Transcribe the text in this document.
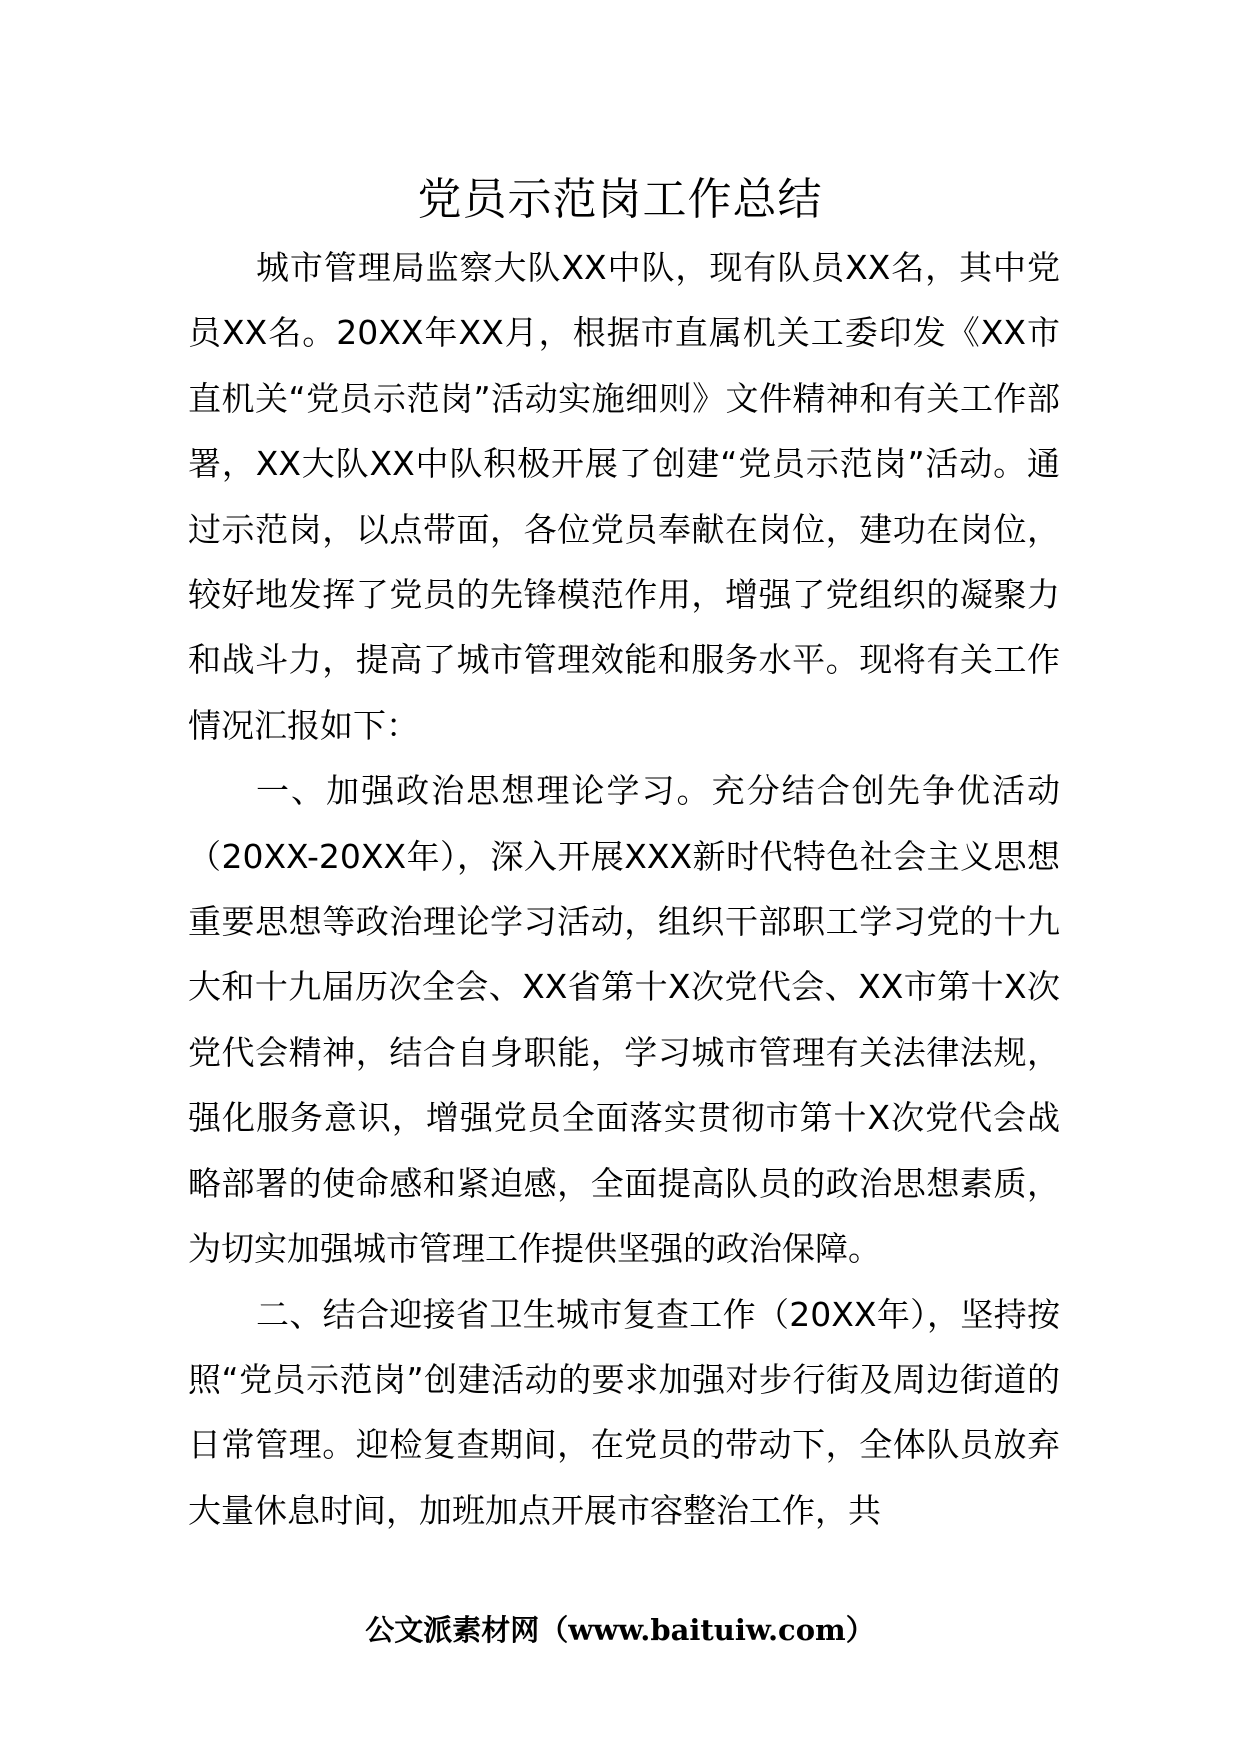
党员示范岗工作总结

城市管理局监察大队XX中队，现有队员XX名，其中党员XX名。20XX年XX月，根据市直属机关工委印发《XX市直机关“党员示范岗”活动实施细则》文件精神和有关工作部署，XX大队XX中队积极开展了创建“党员示范岗”活动。通过示范岗，以点带面，各位党员奉献在岗位，建功在岗位，较好地发挥了党员的先锋模范作用，增强了党组织的凝聚力和战斗力，提高了城市管理效能和服务水平。现将有关工作情况汇报如下：

一、加强政治思想理论学习。充分结合创先争优活动（20XX-20XX年），深入开展XXX新时代特色社会主义思想重要思想等政治理论学习活动，组织干部职工学习党的十九大和十九届历次全会、XX省第十X次党代会、XX市第十X次党代会精神，结合自身职能，学习城市管理有关法律法规，强化服务意识，增强党员全面落实贯彻市第十X次党代会战略部署的使命感和紧迫感，全面提高队员的政治思想素质，为切实加强城市管理工作提供坚强的政治保障。

二、结合迎接省卫生城市复查工作（20XX年），坚持按照“党员示范岗”创建活动的要求加强对步行街及周边街道的日常管理。迎检复查期间，在党员的带动下，全体队员放弃大量休息时间，加班加点开展市容整治工作，共

公文派素材网（www.baituiw.com）
